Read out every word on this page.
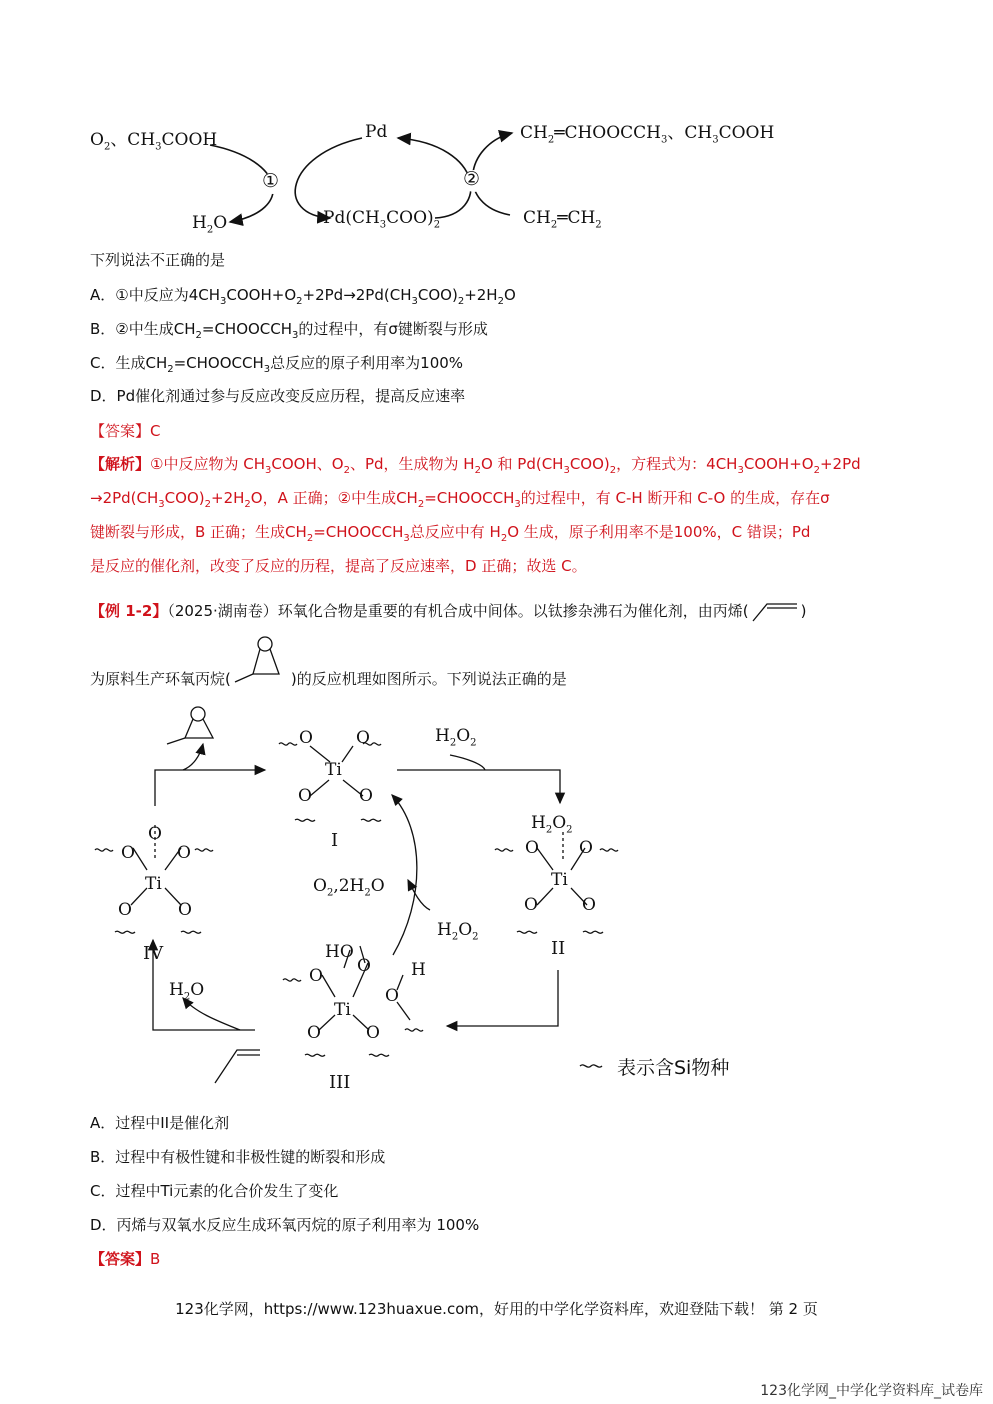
$O_2$、$CH_3COOH$	Pd	$CH_2═CHOOCCH_3$、$CH_3COOH$
$H_2O$	$Pd(CH_3COO)_2$	$CH_2═CH_2$
①	②
下列说法不正确的是
A．①中反应为$4CH_3COOH+O_2+2Pd\to 2Pd(CH_3COO)_2+2H_2O$
B．②中生成$CH_2=CHOOCCH_3$的过程中，有σ键断裂与形成
C．生成$CH_2=CHOOCCH_3$总反应的原子利用率为100%
D．Pd催化剂通过参与反应改变反应历程，提高反应速率
【答案】C
【解析】①中反应物为 $CH_3COOH$、$O_2$、Pd，生成物为 $H_2O$ 和 $Pd(CH_3COO)_2$，方程式为：$4CH_3COOH+O_2+2Pd$
$\to 2Pd(CH_3COO)_2+2H_2O$，A 正确；②中生成$CH_2=CHOOCCH_3$的过程中，有 C-H 断开和 C-O 的生成，存在σ
键断裂与形成，B 正确；生成$CH_2=CHOOCCH_3$总反应中有 $H_2O$ 生成，原子利用率不是100%，C 错误；Pd
是反应的催化剂，改变了反应的历程，提高了反应速率，D 正确；故选 C。
【例 1-2】（2025·湖南卷）环氧化合物是重要的有机合成中间体。以钛掺杂沸石为催化剂，由丙烯(	)
为原料生产环氧丙烷(	)的反应机理如图所示。下列说法正确的是
O	O
Ti
O	O
I
$H_2O_2$
$H_2O_2$
O O
Ti
O	O
II
$O_2,2H_2O$
$H_2O_2$
HO
O H
O
O
Ti
O	O
III
O
O O
Ti
O	O
IV
$H_2O$
表示含Si物种
A．过程中II是催化剂
B．过程中有极性键和非极性键的断裂和形成
C．过程中Ti元素的化合价发生了变化
D．丙烯与双氧水反应生成环氧丙烷的原子利用率为 100%
【答案】B
123化学网，https://www.123huaxue.com，好用的中学化学资料库，欢迎登陆下载！ 第 2 页
123化学网_中学化学资料库_试卷库
